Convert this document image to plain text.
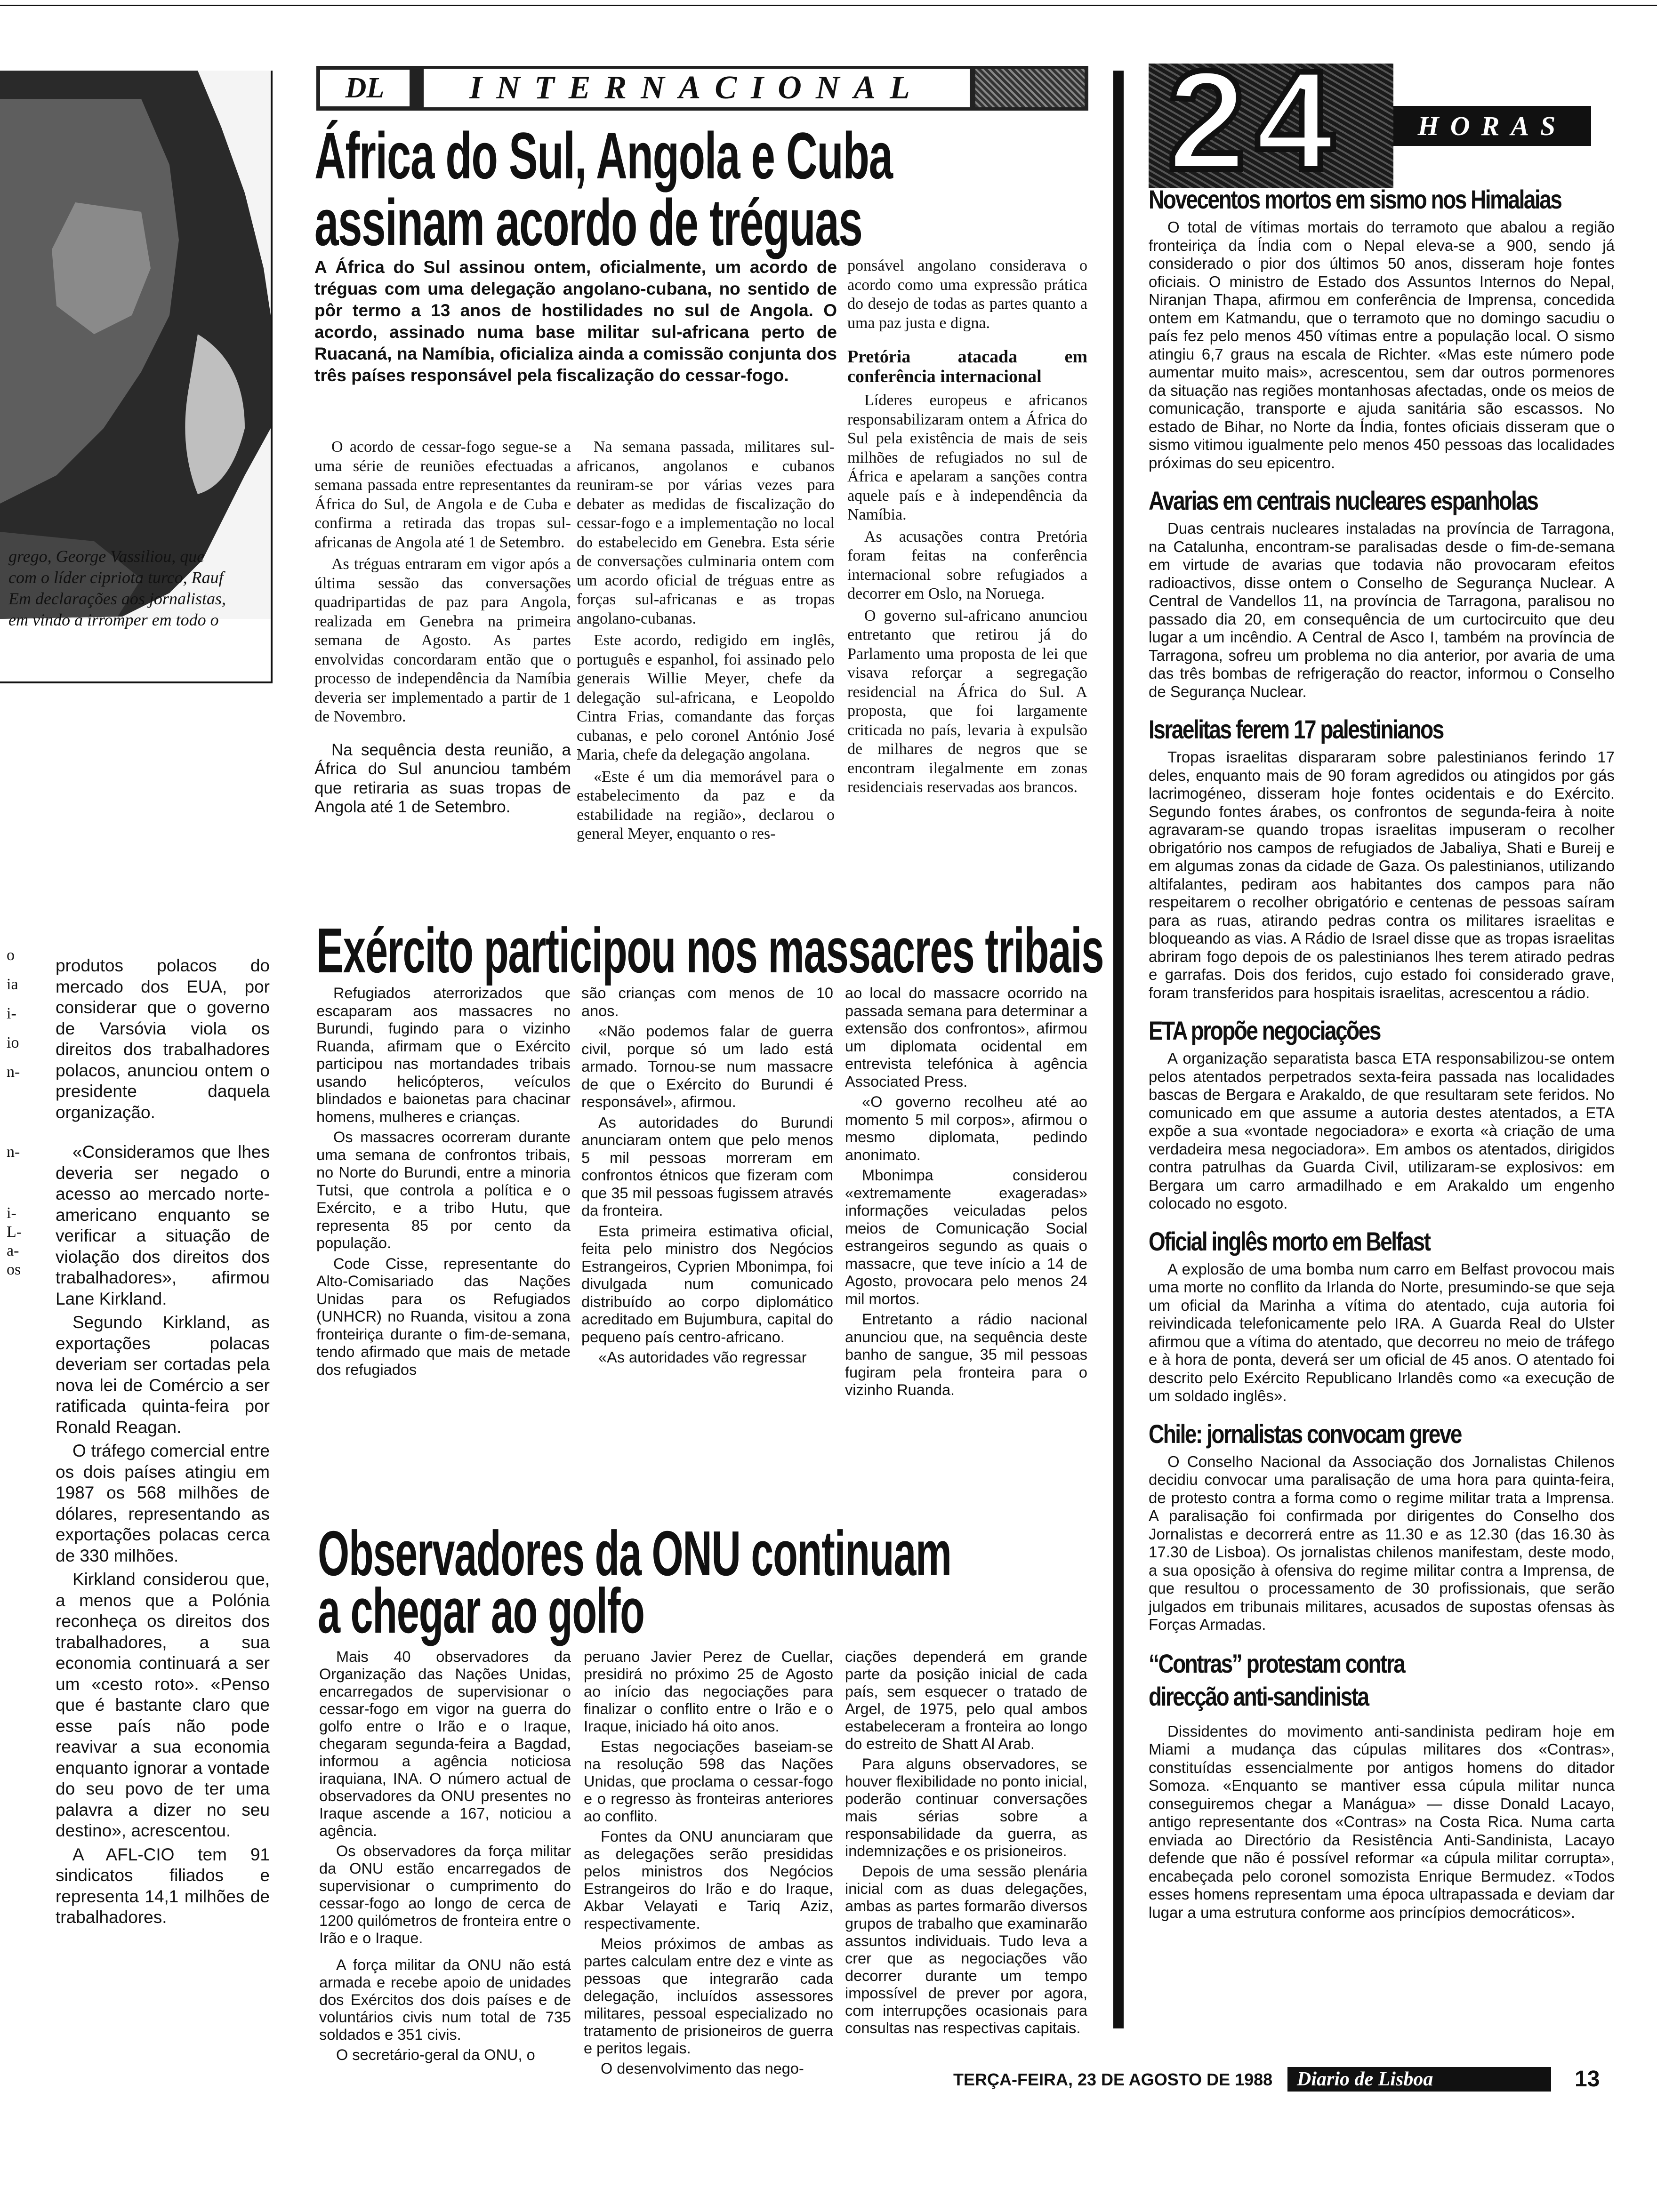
grego, George Vassiliou, que
com o líder cipriota turco, Rauf
Em declarações aos jornalistas,
em vindo a irromper em todo o
o
ia
i-
io
n-
n-
i-
L-
a-
os

produtos polacos do mercado dos EUA, por considerar que o governo de Varsóvia viola os direitos dos trabalhadores polacos, anunciou ontem o presidente daquela organização.

«Consideramos que lhes deveria ser negado o acesso ao mercado norte-americano enquanto se verificar a situação de violação dos direitos dos trabalhadores», afirmou Lane Kirkland.

Segundo Kirkland, as exportações polacas deveriam ser cortadas pela nova lei de Comércio a ser ratificada quinta-feira por Ronald Reagan.

O tráfego comercial entre os dois países atingiu em 1987 os 568 milhões de dólares, representando as exportações polacas cerca de 330 milhões.

Kirkland considerou que, a menos que a Polónia reconheça os direitos dos trabalhadores, a sua economia continuará a ser um «cesto roto». «Penso que é bastante claro que esse país não pode reavivar a sua economia enquanto ignorar a vontade do seu povo de ter uma palavra a dizer no seu destino», acrescentou.

A AFL-CIO tem 91 sindicatos filiados e representa 14,1 milhões de trabalhadores.

DL	INTERNACIONAL
África do Sul, Angola e Cuba
assinam acordo de tréguas
A África do Sul assinou ontem, oficialmente, um acordo de tréguas com uma delegação angolano-cubana, no sentido de pôr termo a 13 anos de hostilidades no sul de Angola. O acordo, assinado numa base militar sul-africana perto de Ruacaná, na Namíbia, oficializa ainda a comissão conjunta dos três países responsável pela fiscalização do cessar-fogo.

O acordo de cessar-fogo segue-se a uma série de reuniões efectuadas a semana passada entre representantes da África do Sul, de Angola e de Cuba e confirma a retirada das tropas sul-africanas de Angola até 1 de Setembro.

As tréguas entraram em vigor após a última sessão das conversações quadripartidas de paz para Angola, realizada em Genebra na primeira semana de Agosto. As partes envolvidas concordaram então que o processo de independência da Namíbia deveria ser implementado a partir de 1 de Novembro.

Na sequência desta reunião, a África do Sul anunciou também que retiraria as suas tropas de Angola até 1 de Setembro.

Na semana passada, militares sul-africanos, angolanos e cubanos reuniram-se por várias vezes para debater as medidas de fiscalização do cessar-fogo e a implementação no local do estabelecido em Genebra. Esta série de conversações culminaria ontem com um acordo oficial de tréguas entre as forças sul-africanas e as tropas angolano-cubanas.

Este acordo, redigido em inglês, português e espanhol, foi assinado pelo generais Willie Meyer, chefe da delegação sul-africana, e Leopoldo Cintra Frias, comandante das forças cubanas, e pelo coronel António José Maria, chefe da delegação angolana.

«Este é um dia memorável para o estabelecimento da paz e da estabilidade na região», declarou o general Meyer, enquanto o res-

ponsável angolano considerava o acordo como uma expressão prática do desejo de todas as partes quanto a uma paz justa e digna.

Pretória atacada em conferência internacional

Líderes europeus e africanos responsabilizaram ontem a África do Sul pela existência de mais de seis milhões de refugiados no sul de África e apelaram a sanções contra aquele país e à independência da Namíbia.

As acusações contra Pretória foram feitas na conferência internacional sobre refugiados a decorrer em Oslo, na Noruega.

O governo sul-africano anunciou entretanto que retirou já do Parlamento uma proposta de lei que visava reforçar a segregação residencial na África do Sul. A proposta, que foi largamente criticada no país, levaria à expulsão de milhares de negros que se encontram ilegalmente em zonas residenciais reservadas aos brancos.

Exército participou nos massacres tribais

Refugiados aterrorizados que escaparam aos massacres no Burundi, fugindo para o vizinho Ruanda, afirmam que o Exército participou nas mortandades tribais usando helicópteros, veículos blindados e baionetas para chacinar homens, mulheres e crianças.

Os massacres ocorreram durante uma semana de confrontos tribais, no Norte do Burundi, entre a minoria Tutsi, que controla a política e o Exército, e a tribo Hutu, que representa 85 por cento da população.

Code Cisse, representante do Alto-Comisariado das Nações Unidas para os Refugiados (UNHCR) no Ruanda, visitou a zona fronteiriça durante o fim-de-semana, tendo afirmado que mais de metade dos refugiados

são crianças com menos de 10 anos.

«Não podemos falar de guerra civil, porque só um lado está armado. Tornou-se num massacre de que o Exército do Burundi é responsável», afirmou.

As autoridades do Burundi anunciaram ontem que pelo menos 5 mil pessoas morreram em confrontos étnicos que fizeram com que 35 mil pessoas fugissem através da fronteira.

Esta primeira estimativa oficial, feita pelo ministro dos Negócios Estrangeiros, Cyprien Mbonimpa, foi divulgada num comunicado distribuído ao corpo diplomático acreditado em Bujumbura, capital do pequeno país centro-africano.

«As autoridades vão regressar

ao local do massacre ocorrido na passada semana para determinar a extensão dos confrontos», afirmou um diplomata ocidental em entrevista telefónica à agência Associated Press.

«O governo recolheu até ao momento 5 mil corpos», afirmou o mesmo diplomata, pedindo anonimato.

Mbonimpa considerou «extremamente exageradas» informações veiculadas pelos meios de Comunicação Social estrangeiros segundo as quais o massacre, que teve início a 14 de Agosto, provocara pelo menos 24 mil mortos.

Entretanto a rádio nacional anunciou que, na sequência deste banho de sangue, 35 mil pessoas fugiram pela fronteira para o vizinho Ruanda.

Observadores da ONU continuam
a chegar ao golfo

Mais 40 observadores da Organização das Nações Unidas, encarregados de supervisionar o cessar-fogo em vigor na guerra do golfo entre o Irão e o Iraque, chegaram segunda-feira a Bagdad, informou a agência noticiosa iraquiana, INA. O número actual de observadores da ONU presentes no Iraque ascende a 167, noticiou a agência.

Os observadores da força militar da ONU estão encarregados de supervisionar o cumprimento do cessar-fogo ao longo de cerca de 1200 quilómetros de fronteira entre o Irão e o Iraque.

A força militar da ONU não está armada e recebe apoio de unidades dos Exércitos dos dois países e de voluntários civis num total de 735 soldados e 351 civis.

O secretário-geral da ONU, o

peruano Javier Perez de Cuellar, presidirá no próximo 25 de Agosto ao início das negociações para finalizar o conflito entre o Irão e o Iraque, iniciado há oito anos.

Estas negociações baseiam-se na resolução 598 das Nações Unidas, que proclama o cessar-fogo e o regresso às fronteiras anteriores ao conflito.

Fontes da ONU anunciaram que as delegações serão presididas pelos ministros dos Negócios Estrangeiros do Irão e do Iraque, Akbar Velayati e Tariq Aziz, respectivamente.

Meios próximos de ambas as partes calculam entre dez e vinte as pessoas que integrarão cada delegação, incluídos assessores militares, pessoal especializado no tratamento de prisioneiros de guerra e peritos legais.

O desenvolvimento das nego-

ciações dependerá em grande parte da posição inicial de cada país, sem esquecer o tratado de Argel, de 1975, pelo qual ambos estabeleceram a fronteira ao longo do estreito de Shatt Al Arab.

Para alguns observadores, se houver flexibilidade no ponto inicial, poderão continuar conversações mais sérias sobre a responsabilidade da guerra, as indemnizações e os prisioneiros.

Depois de uma sessão plenária inicial com as duas delegações, ambas as partes formarão diversos grupos de trabalho que examinarão assuntos individuais. Tudo leva a crer que as negociações vão decorrer durante um tempo impossível de prever por agora, com interrupções ocasionais para consultas nas respectivas capitais.

24	HORAS
Novecentos mortos em sismo nos Himalaias

O total de vítimas mortais do terramoto que abalou a região fronteiriça da Índia com o Nepal eleva-se a 900, sendo já considerado o pior dos últimos 50 anos, disseram hoje fontes oficiais. O ministro de Estado dos Assuntos Internos do Nepal, Niranjan Thapa, afirmou em conferência de Imprensa, concedida ontem em Katmandu, que o terramoto que no domingo sacudiu o país fez pelo menos 450 vítimas entre a população local. O sismo atingiu 6,7 graus na escala de Richter. «Mas este número pode aumentar muito mais», acrescentou, sem dar outros pormenores da situação nas regiões montanhosas afectadas, onde os meios de comunicação, transporte e ajuda sanitária são escassos. No estado de Bihar, no Norte da Índia, fontes oficiais disseram que o sismo vitimou igualmente pelo menos 450 pessoas das localidades próximas do seu epicentro.

Avarias em centrais nucleares espanholas

Duas centrais nucleares instaladas na província de Tarragona, na Catalunha, encontram-se paralisadas desde o fim-de-semana em virtude de avarias que todavia não provocaram efeitos radioactivos, disse ontem o Conselho de Segurança Nuclear. A Central de Vandellos 11, na província de Tarragona, paralisou no passado dia 20, em consequência de um curtocircuito que deu lugar a um incêndio. A Central de Asco I, também na província de Tarragona, sofreu um problema no dia anterior, por avaria de uma das três bombas de refrigeração do reactor, informou o Conselho de Segurança Nuclear.

Israelitas ferem 17 palestinianos

Tropas israelitas dispararam sobre palestinianos ferindo 17 deles, enquanto mais de 90 foram agredidos ou atingidos por gás lacrimogéneo, disseram hoje fontes ocidentais e do Exército. Segundo fontes árabes, os confrontos de segunda-feira à noite agravaram-se quando tropas israelitas impuseram o recolher obrigatório nos campos de refugiados de Jabaliya, Shati e Bureij e em algumas zonas da cidade de Gaza. Os palestinianos, utilizando altifalantes, pediram aos habitantes dos campos para não respeitarem o recolher obrigatório e centenas de pessoas saíram para as ruas, atirando pedras contra os militares israelitas e bloqueando as vias. A Rádio de Israel disse que as tropas israelitas abriram fogo depois de os palestinianos lhes terem atirado pedras e garrafas. Dois dos feridos, cujo estado foi considerado grave, foram transferidos para hospitais israelitas, acrescentou a rádio.

ETA propõe negociações

A organização separatista basca ETA responsabilizou-se ontem pelos atentados perpetrados sexta-feira passada nas localidades bascas de Bergara e Arakaldo, de que resultaram sete feridos. No comunicado em que assume a autoria destes atentados, a ETA expõe a sua «vontade negociadora» e exorta «à criação de uma verdadeira mesa negociadora». Em ambos os atentados, dirigidos contra patrulhas da Guarda Civil, utilizaram-se explosivos: em Bergara um carro armadilhado e em Arakaldo um engenho colocado no esgoto.

Oficial inglês morto em Belfast

A explosão de uma bomba num carro em Belfast provocou mais uma morte no conflito da Irlanda do Norte, presumindo-se que seja um oficial da Marinha a vítima do atentado, cuja autoria foi reivindicada telefonicamente pelo IRA. A Guarda Real do Ulster afirmou que a vítima do atentado, que decorreu no meio de tráfego e à hora de ponta, deverá ser um oficial de 45 anos. O atentado foi descrito pelo Exército Republicano Irlandês como «a execução de um soldado inglês».

Chile: jornalistas convocam greve

O Conselho Nacional da Associação dos Jornalistas Chilenos decidiu convocar uma paralisação de uma hora para quinta-feira, de protesto contra a forma como o regime militar trata a Imprensa. A paralisação foi confirmada por dirigentes do Conselho dos Jornalistas e decorrerá entre as 11.30 e as 12.30 (das 16.30 às 17.30 de Lisboa). Os jornalistas chilenos manifestam, deste modo, a sua oposição à ofensiva do regime militar contra a Imprensa, de que resultou o processamento de 30 profissionais, que serão julgados em tribunais militares, acusados de supostas ofensas às Forças Armadas.

“Contras” protestam contra direcção anti-sandinista

Dissidentes do movimento anti-sandinista pediram hoje em Miami a mudança das cúpulas militares dos «Contras», constituídas essencialmente por antigos homens do ditador Somoza. «Enquanto se mantiver essa cúpula militar nunca conseguiremos chegar a Manágua» — disse Donald Lacayo, antigo representante dos «Contras» na Costa Rica. Numa carta enviada ao Directório da Resistência Anti-Sandinista, Lacayo defende que não é possível reformar «a cúpula militar corrupta», encabeçada pelo coronel somozista Enrique Bermudez. «Todos esses homens representam uma época ultrapassada e deviam dar lugar a uma estrutura conforme aos princípios democráticos».

TERÇA-FEIRA, 23 DE AGOSTO DE 1988	Diario de Lisboa	13
